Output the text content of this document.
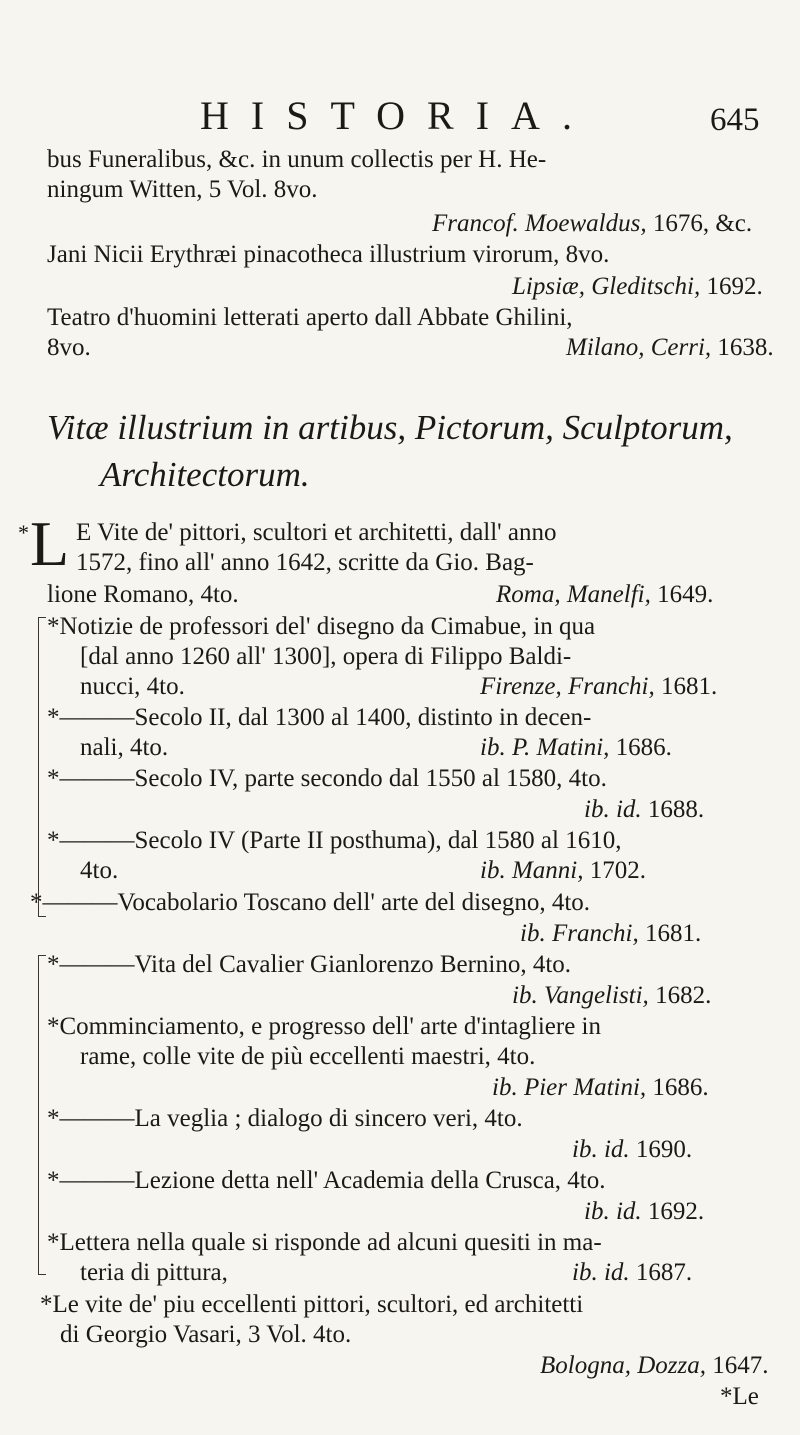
HISTORIA.	645
bus Funeralibus, &c. in unum collectis per H. He-
ningum Witten, 5 Vol. 8vo.
Francof. Moewaldus, 1676, &c.
Jani Nicii Erythræi pinacotheca illustrium virorum, 8vo.
Lipsiæ, Gleditschi, 1692.
Teatro d'huomini letterati aperto dall Abbate Ghilini,
8vo.	Milano, Cerri, 1638.
Vitæ illustrium in artibus, Pictorum, Sculptorum,
Architectorum.
* L E Vite de' pittori, scultori et architetti, dall' anno
1572, fino all' anno 1642, scritte da Gio. Bag-
lione Romano, 4to.	Roma, Manelfi, 1649.
*Notizie de professori del' disegno da Cimabue, in qua
[dal anno 1260 all' 1300], opera di Filippo Baldi-
nucci, 4to.	Firenze, Franchi, 1681.
*———Secolo II, dal 1300 al 1400, distinto in decen-
nali, 4to.	ib. P. Matini, 1686.
*———Secolo IV, parte secondo dal 1550 al 1580, 4to.
ib. id. 1688.
*———Secolo IV (Parte II posthuma), dal 1580 al 1610,
4to.	ib. Manni, 1702.
*———Vocabolario Toscano dell' arte del disegno, 4to.
ib. Franchi, 1681.
*———Vita del Cavalier Gianlorenzo Bernino, 4to.
ib. Vangelisti, 1682.
*Comminciamento, e progresso dell' arte d'intagliere in
rame, colle vite de più eccellenti maestri, 4to.
ib. Pier Matini, 1686.
*———La veglia ; dialogo di sincero veri, 4to.
ib. id. 1690.
*———Lezione detta nell' Academia della Crusca, 4to.
ib. id. 1692.
*Lettera nella quale si risponde ad alcuni quesiti in ma-
teria di pittura,	ib. id. 1687.
*Le vite de' piu eccellenti pittori, scultori, ed architetti
di Georgio Vasari, 3 Vol. 4to.
Bologna, Dozza, 1647.
*Le
